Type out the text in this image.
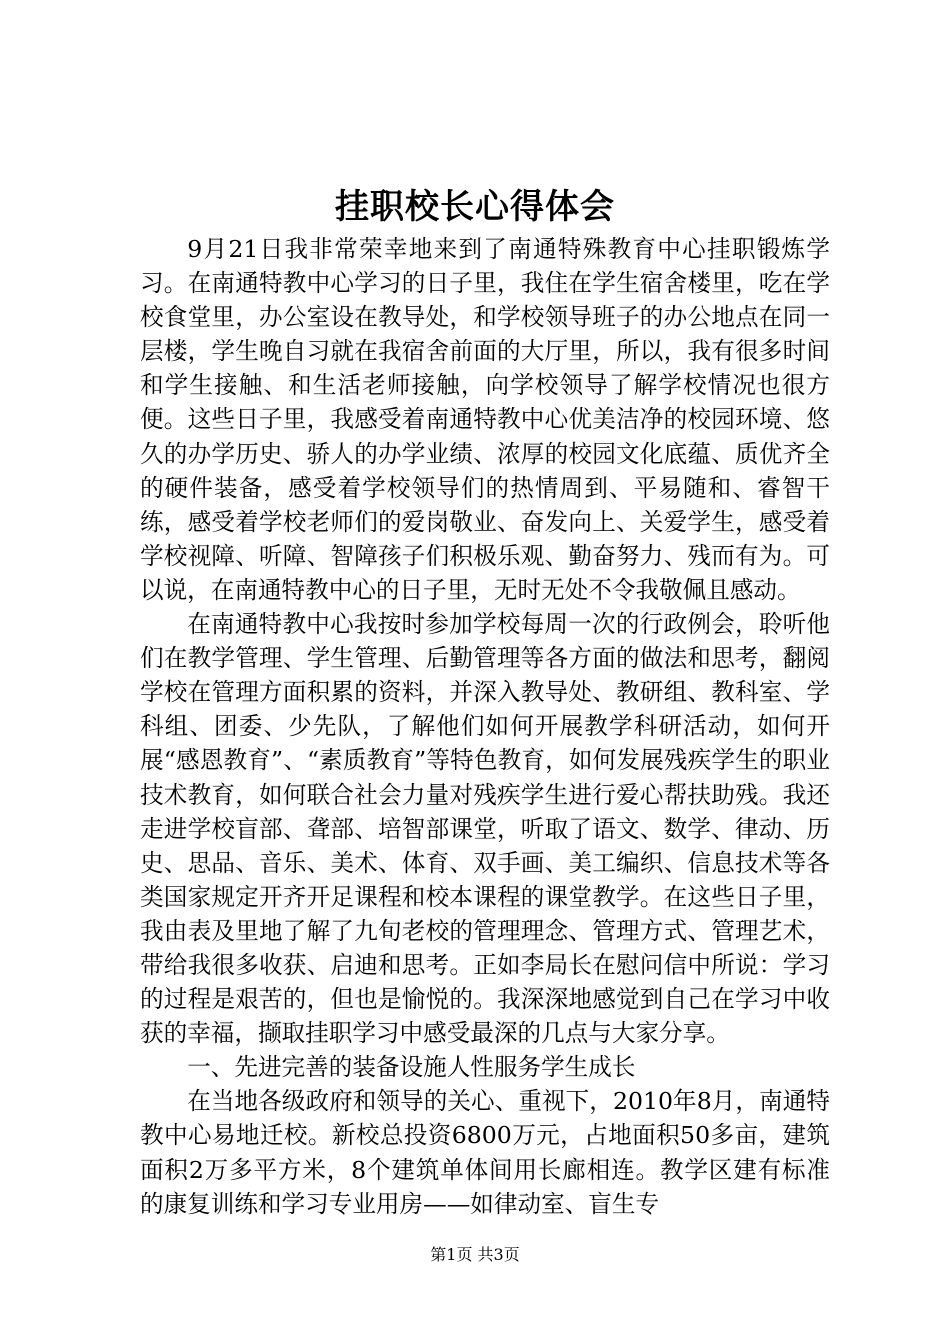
挂职校长心得体会

9月21日我非常荣幸地来到了南通特殊教育中心挂职锻炼学习。在南通特教中心学习的日子里，我住在学生宿舍楼里，吃在学校食堂里，办公室设在教导处，和学校领导班子的办公地点在同一层楼，学生晚自习就在我宿舍前面的大厅里，所以，我有很多时间和学生接触、和生活老师接触，向学校领导了解学校情况也很方便。这些日子里，我感受着南通特教中心优美洁净的校园环境、悠久的办学历史、骄人的办学业绩、浓厚的校园文化底蕴、质优齐全的硬件装备，感受着学校领导们的热情周到、平易随和、睿智干练，感受着学校老师们的爱岗敬业、奋发向上、关爱学生，感受着学校视障、听障、智障孩子们积极乐观、勤奋努力、残而有为。可以说，在南通特教中心的日子里，无时无处不令我敬佩且感动。

在南通特教中心我按时参加学校每周一次的行政例会，聆听他们在教学管理、学生管理、后勤管理等各方面的做法和思考，翻阅学校在管理方面积累的资料，并深入教导处、教研组、教科室、学科组、团委、少先队，了解他们如何开展教学科研活动，如何开展“感恩教育”、“素质教育”等特色教育，如何发展残疾学生的职业技术教育，如何联合社会力量对残疾学生进行爱心帮扶助残。我还走进学校盲部、聋部、培智部课堂，听取了语文、数学、律动、历史、思品、音乐、美术、体育、双手画、美工编织、信息技术等各类国家规定开齐开足课程和校本课程的课堂教学。在这些日子里，我由表及里地了解了九旬老校的管理理念、管理方式、管理艺术，带给我很多收获、启迪和思考。正如李局长在慰问信中所说：学习的过程是艰苦的，但也是愉悦的。我深深地感觉到自己在学习中收获的幸福，撷取挂职学习中感受最深的几点与大家分享。

一、先进完善的装备设施人性服务学生成长

在当地各级政府和领导的关心、重视下，2010年8月，南通特教中心易地迁校。新校总投资6800万元，占地面积50多亩，建筑面积2万多平方米，8个建筑单体间用长廊相连。教学区建有标准的康复训练和学习专业用房——如律动室、盲生专

第1页 共3页
